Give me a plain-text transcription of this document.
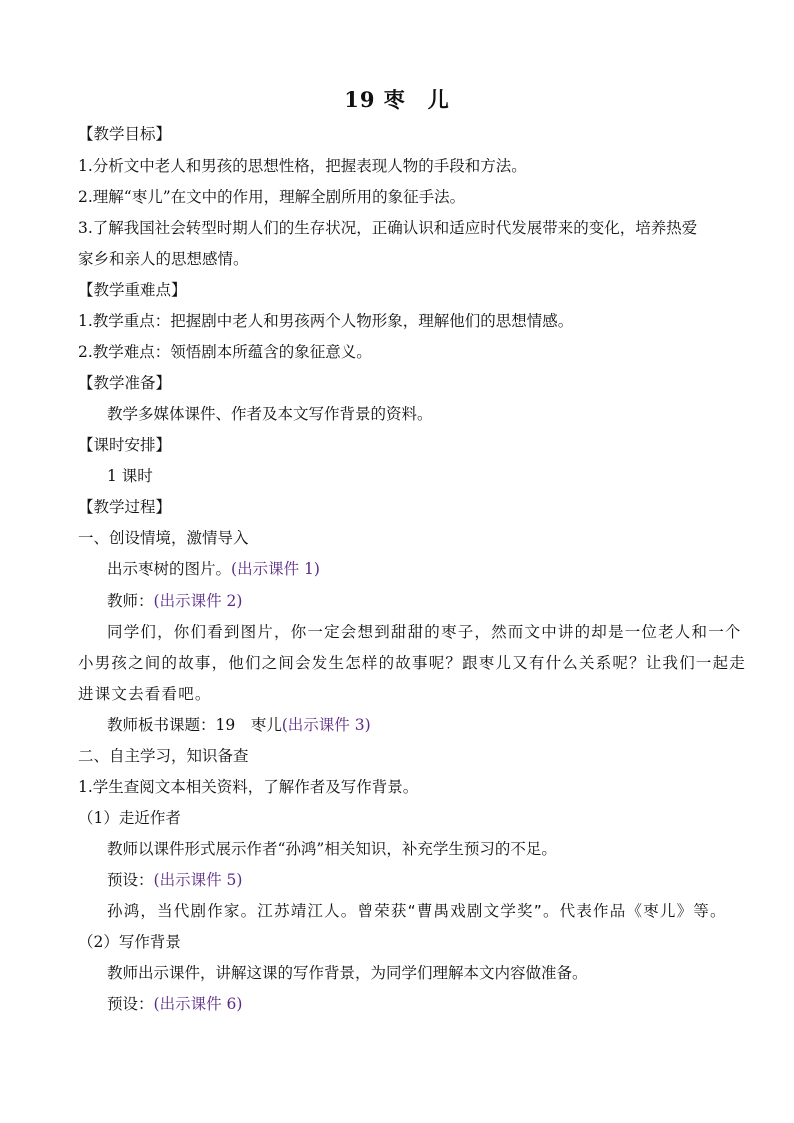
19 枣　儿
【教学目标】
1.分析文中老人和男孩的思想性格，把握表现人物的手段和方法。
2.理解“枣儿”在文中的作用，理解全剧所用的象征手法。
3.了解我国社会转型时期人们的生存状况，正确认识和适应时代发展带来的变化，培养热爱
家乡和亲人的思想感情。
【教学重难点】
1.教学重点：把握剧中老人和男孩两个人物形象，理解他们的思想情感。
2.教学难点：领悟剧本所蕴含的象征意义。
【教学准备】
教学多媒体课件、作者及本文写作背景的资料。
【课时安排】
1 课时
【教学过程】
一、创设情境，激情导入
出示枣树的图片。(出示课件 1)
教师：(出示课件 2)
同学们，你们看到图片，你一定会想到甜甜的枣子，然而文中讲的却是一位老人和一个
小男孩之间的故事，他们之间会发生怎样的故事呢？跟枣儿又有什么关系呢？让我们一起走
进课文去看看吧。
教师板书课题：19　枣儿(出示课件 3)
二、自主学习，知识备查
1.学生查阅文本相关资料，了解作者及写作背景。
（1）走近作者
教师以课件形式展示作者“孙鸿”相关知识，补充学生预习的不足。
预设：(出示课件 5)
孙鸿，当代剧作家。江苏靖江人。曾荣获“曹禺戏剧文学奖”。代表作品《枣儿》等。
（2）写作背景
教师出示课件，讲解这课的写作背景，为同学们理解本文内容做准备。
预设：(出示课件 6)
